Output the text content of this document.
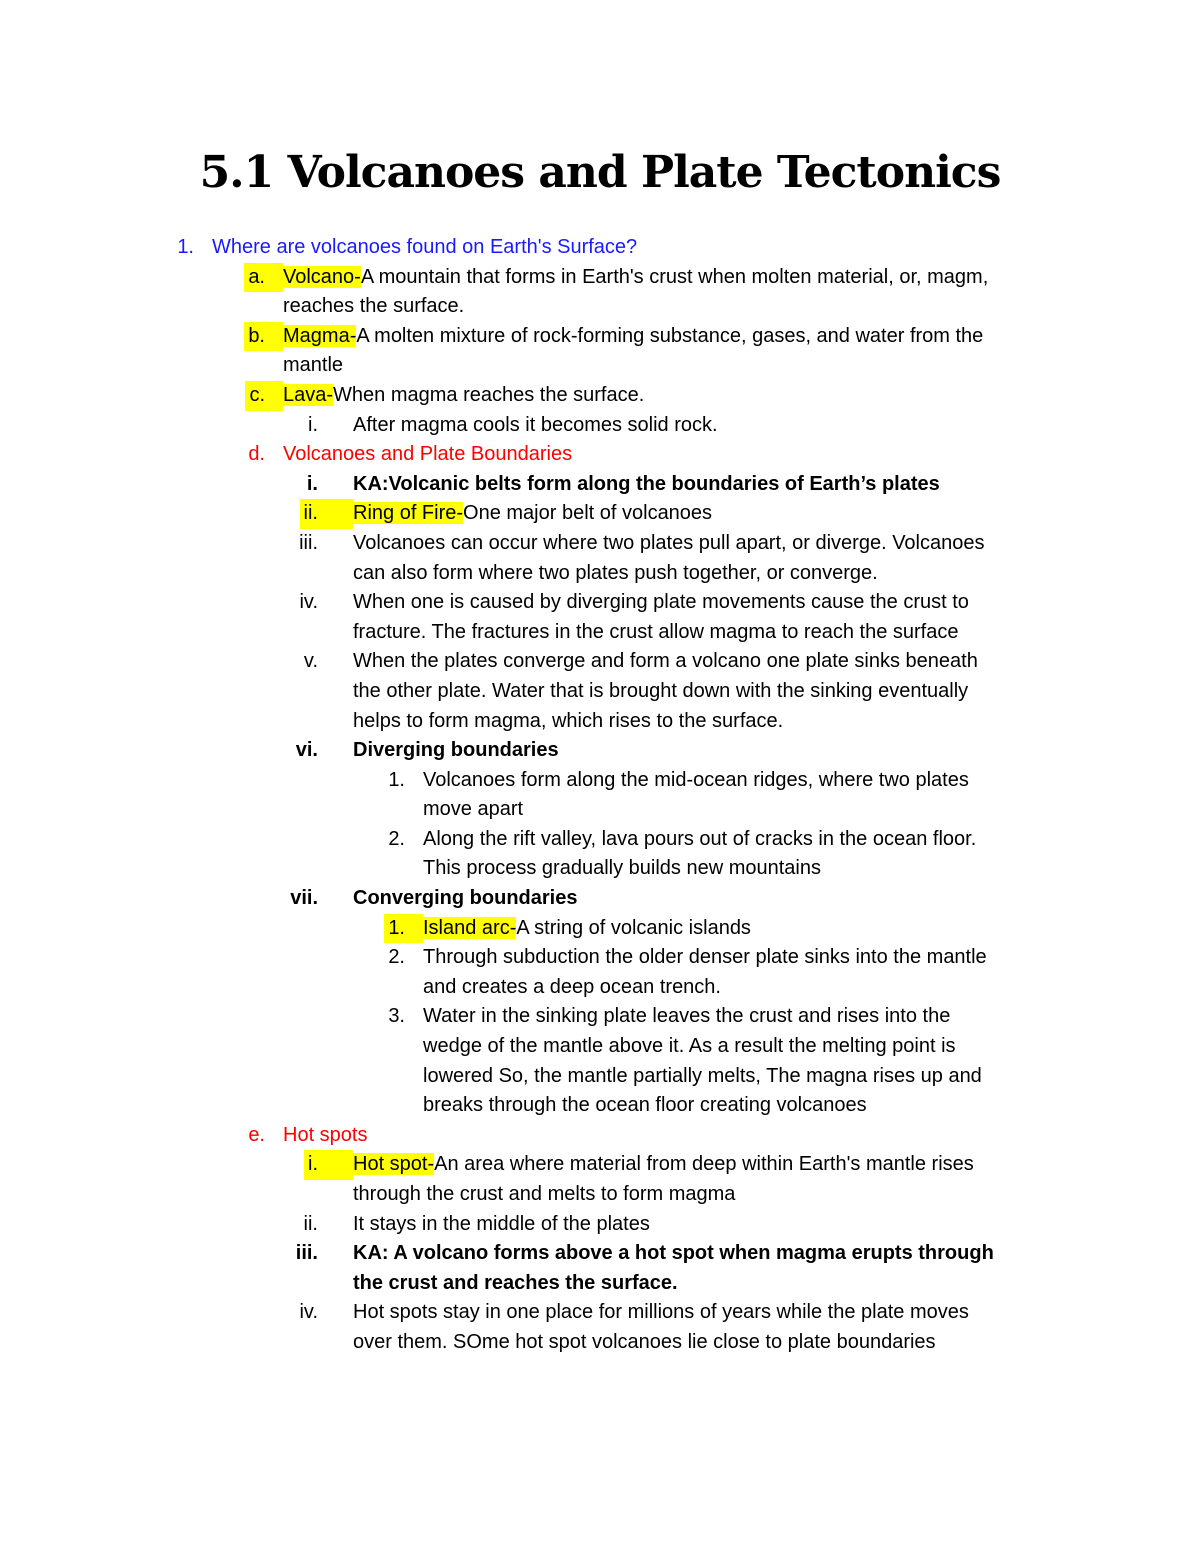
5.1 Volcanoes and Plate Tectonics
1. Where are volcanoes found on Earth's Surface?
a. Volcano-A mountain that forms in Earth's crust when molten material, or, magm,
reaches the surface.
b. Magma-A molten mixture of rock-forming substance, gases, and water from the
mantle
c. Lava-When magma reaches the surface.
i. After magma cools it becomes solid rock.
d. Volcanoes and Plate Boundaries
i. KA:Volcanic belts form along the boundaries of Earth’s plates
ii.	Ring of Fire-One major belt of volcanoes
iii. Volcanoes can occur where two plates pull apart, or diverge. Volcanoes
can also form where two plates push together, or converge.
iv. When one is caused by diverging plate movements cause the crust to
fracture. The fractures in the crust allow magma to reach the surface
v. When the plates converge and form a volcano one plate sinks beneath
the other plate. Water that is brought down with the sinking eventually
helps to form magma, which rises to the surface.
vi. Diverging boundaries
1. Volcanoes form along the mid-ocean ridges, where two plates
move apart
2. Along the rift valley, lava pours out of cracks in the ocean floor.
This process gradually builds new mountains
vii. Converging boundaries
1. Island arc-A string of volcanic islands
2. Through subduction the older denser plate sinks into the mantle
and creates a deep ocean trench.
3. Water in the sinking plate leaves the crust and rises into the
wedge of the mantle above it. As a result the melting point is
lowered So, the mantle partially melts, The magna rises up and
breaks through the ocean floor creating volcanoes
e. Hot spots
i.	Hot spot-An area where material from deep within Earth's mantle rises
through the crust and melts to form magma
ii. It stays in the middle of the plates
iii. KA: A volcano forms above a hot spot when magma erupts through
the crust and reaches the surface.
iv. Hot spots stay in one place for millions of years while the plate moves
over them. SOme hot spot volcanoes lie close to plate boundaries
